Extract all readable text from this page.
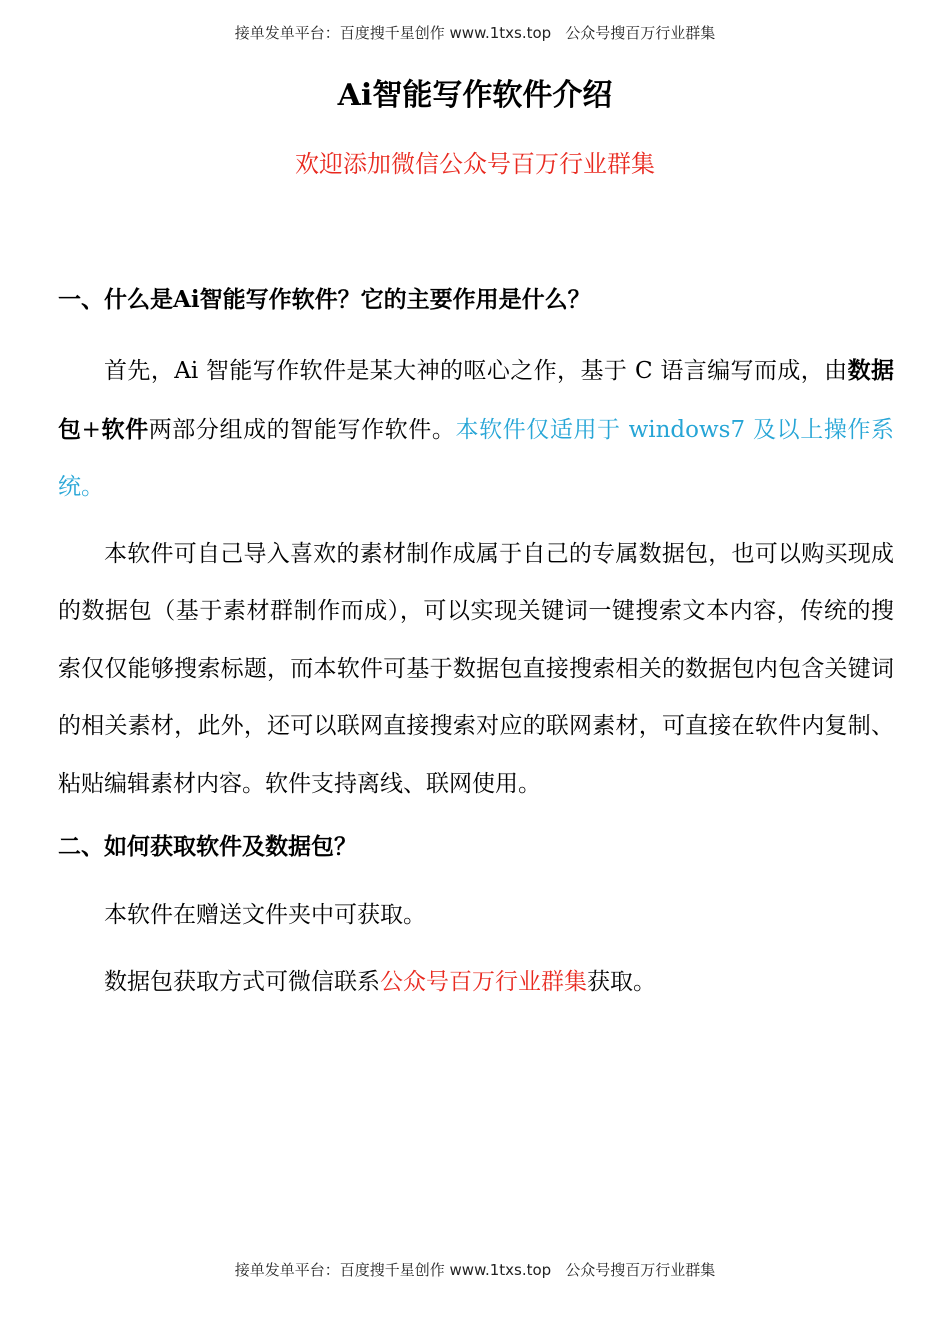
接单发单平台：百度搜千星创作 www.1txs.top 公众号搜百万行业群集
Ai智能写作软件介绍
欢迎添加微信公众号百万行业群集

一、什么是Ai智能写作软件？它的主要作用是什么？

首先，Ai 智能写作软件是某大神的呕心之作，基于 C 语言编写而成，由数据包+软件两部分组成的智能写作软件。本软件仅适用于 windows7 及以上操作系统。

本软件可自己导入喜欢的素材制作成属于自己的专属数据包，也可以购买现成的数据包（基于素材群制作而成），可以实现关键词一键搜索文本内容，传统的搜索仅仅能够搜索标题，而本软件可基于数据包直接搜索相关的数据包内包含关键词的相关素材，此外，还可以联网直接搜索对应的联网素材，可直接在软件内复制、粘贴编辑素材内容。软件支持离线、联网使用。

二、如何获取软件及数据包？

本软件在赠送文件夹中可获取。

数据包获取方式可微信联系公众号百万行业群集获取。

接单发单平台：百度搜千星创作 www.1txs.top 公众号搜百万行业群集
